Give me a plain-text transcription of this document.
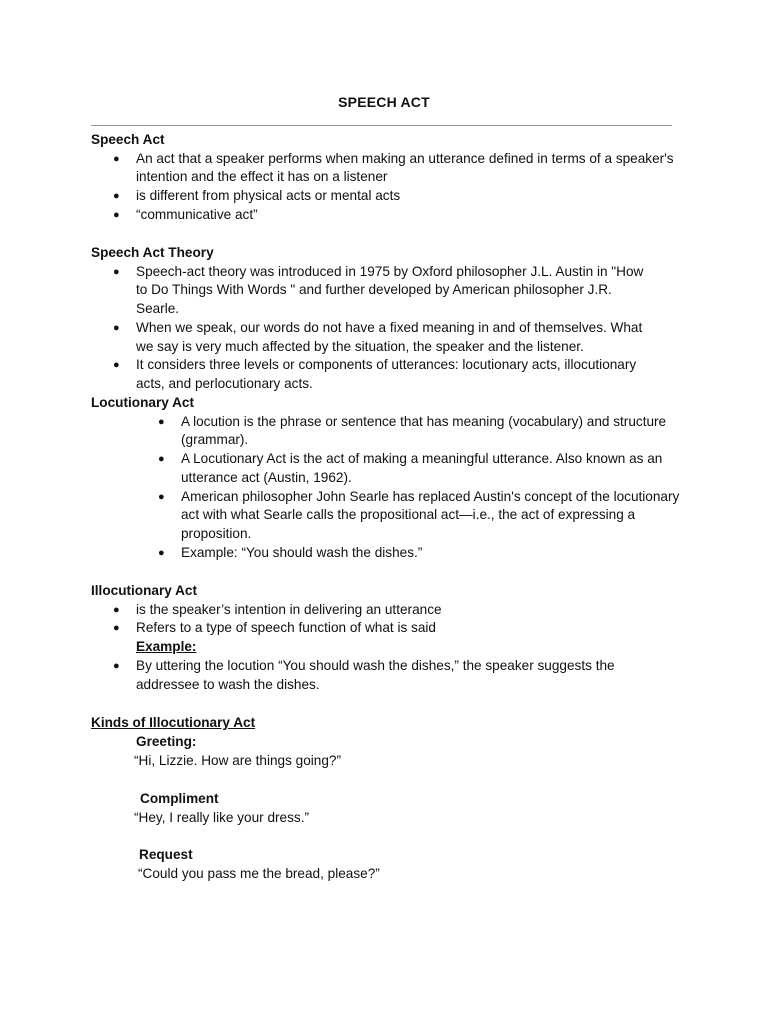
SPEECH ACT

Speech Act

● An act that a speaker performs when making an utterance defined in terms of a speaker's intention and the effect it has on a listener
● is different from physical acts or mental acts
● “communicative act”

Speech Act Theory

● Speech-act theory was introduced in 1975 by Oxford philosopher J.L. Austin in "How to Do Things With Words " and further developed by American philosopher J.R. Searle.
● When we speak, our words do not have a fixed meaning in and of themselves. What we say is very much affected by the situation, the speaker and the listener.
● It considers three levels or components of utterances: locutionary acts, illocutionary acts, and perlocutionary acts.

Locutionary Act

● A locution is the phrase or sentence that has meaning (vocabulary) and structure (grammar).
● A Locutionary Act is the act of making a meaningful utterance. Also known as an utterance act (Austin, 1962).
● American philosopher John Searle has replaced Austin's concept of the locutionary act with what Searle calls the propositional act—i.e., the act of expressing a proposition.
● Example: “You should wash the dishes.”

Illocutionary Act

● is the speaker’s intention in delivering an utterance
● Refers to a type of speech function of what is said
Example:
● By uttering the locution “You should wash the dishes,” the speaker suggests the addressee to wash the dishes.

Kinds of Illocutionary Act

Greeting:
“Hi, Lizzie. How are things going?”
Compliment
“Hey, I really like your dress.”
Request
“Could you pass me the bread, please?”
